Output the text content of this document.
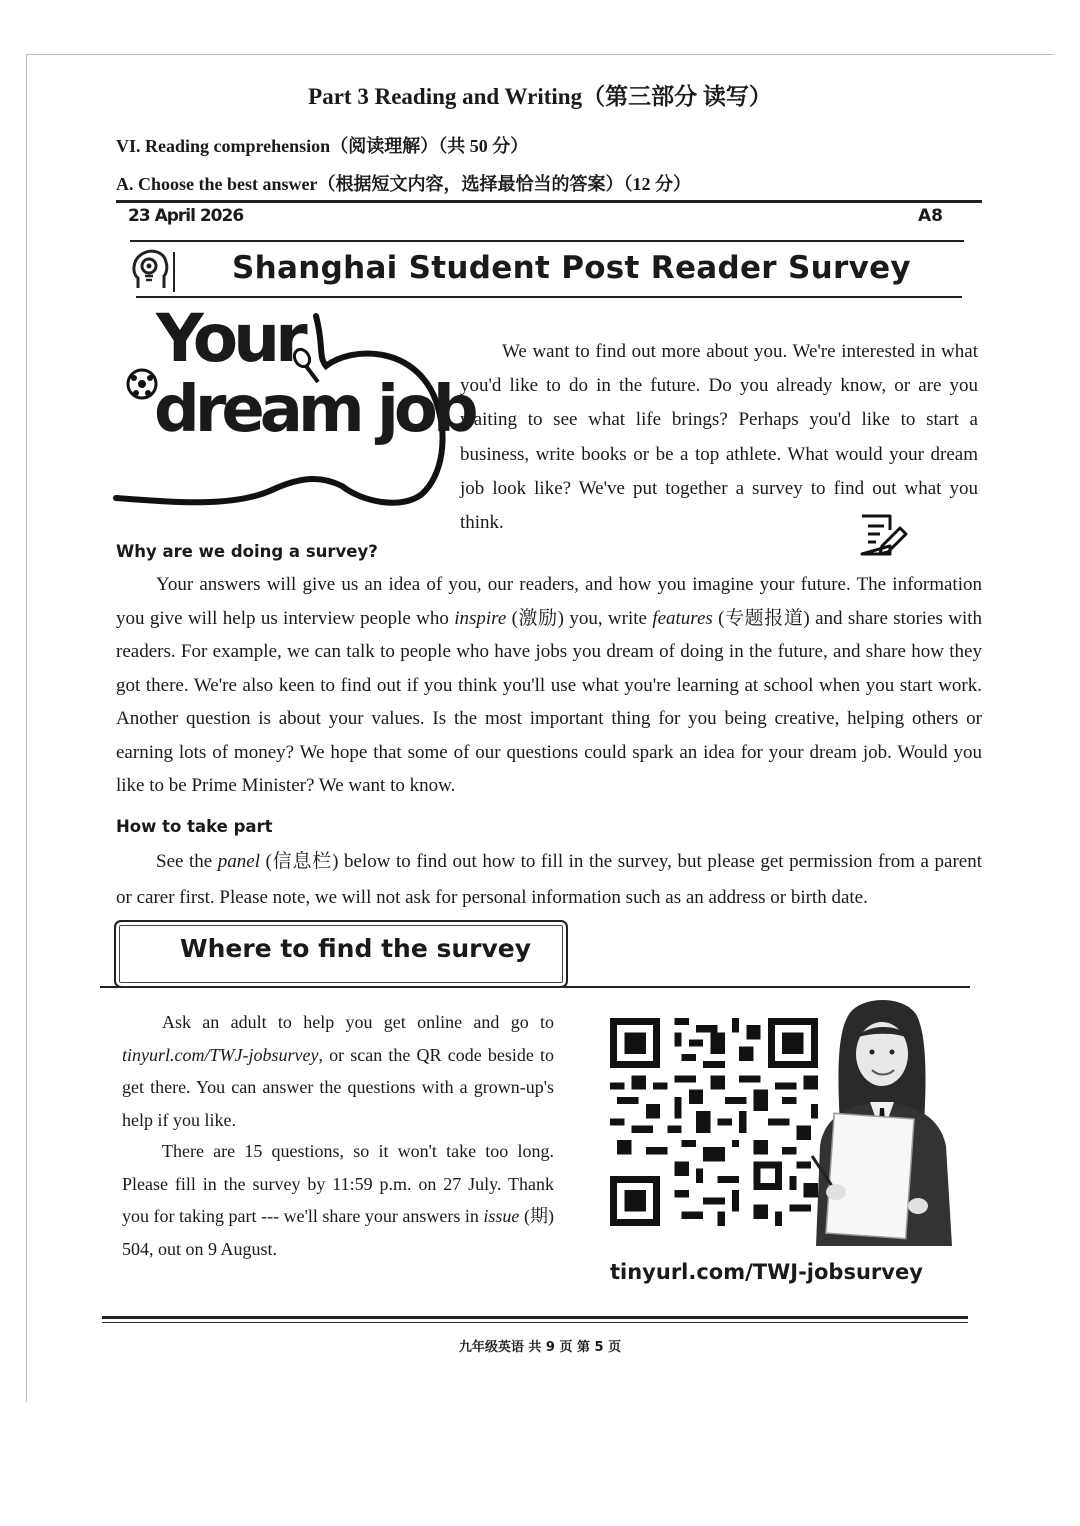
Part 3 Reading and Writing（第三部分 读写）
VI. Reading comprehension（阅读理解）（共 50 分）
A. Choose the best answer（根据短文内容，选择最恰当的答案）（12 分）
23 April 2026	A8
Shanghai Student Post Reader Survey
Your
dream job

We want to find out more about you. We're interested in what you'd like to do in the future. Do you already know, or are you waiting to see what life brings? Perhaps you'd like to start a business, write books or be a top athlete. What would your dream job look like? We've put together a survey to find out what you think.

Why are we doing a survey?

Your answers will give us an idea of you, our readers, and how you imagine your future. The information you give will help us interview people who inspire (激励) you, write features (专题报道) and share stories with readers. For example, we can talk to people who have jobs you dream of doing in the future, and share how they got there. We're also keen to find out if you think you'll use what you're learning at school when you start work. Another question is about your values. Is the most important thing for you being creative, helping others or earning lots of money? We hope that some of our questions could spark an idea for your dream job. Would you like to be Prime Minister? We want to know.

How to take part

See the panel (信息栏) below to find out how to fill in the survey, but please get permission from a parent or carer first. Please note, we will not ask for personal information such as an address or birth date.

Where to find the survey

Ask an adult to help you get online and go to tinyurl.com/TWJ-jobsurvey, or scan the QR code beside to get there. You can answer the questions with a grown-up's help if you like.

There are 15 questions, so it won't take too long. Please fill in the survey by 11:59 p.m. on 27 July. Thank you for taking part --- we'll share your answers in issue (期) 504, out on 9 August.

tinyurl.com/TWJ-jobsurvey
九年级英语 共 9 页 第 5 页
